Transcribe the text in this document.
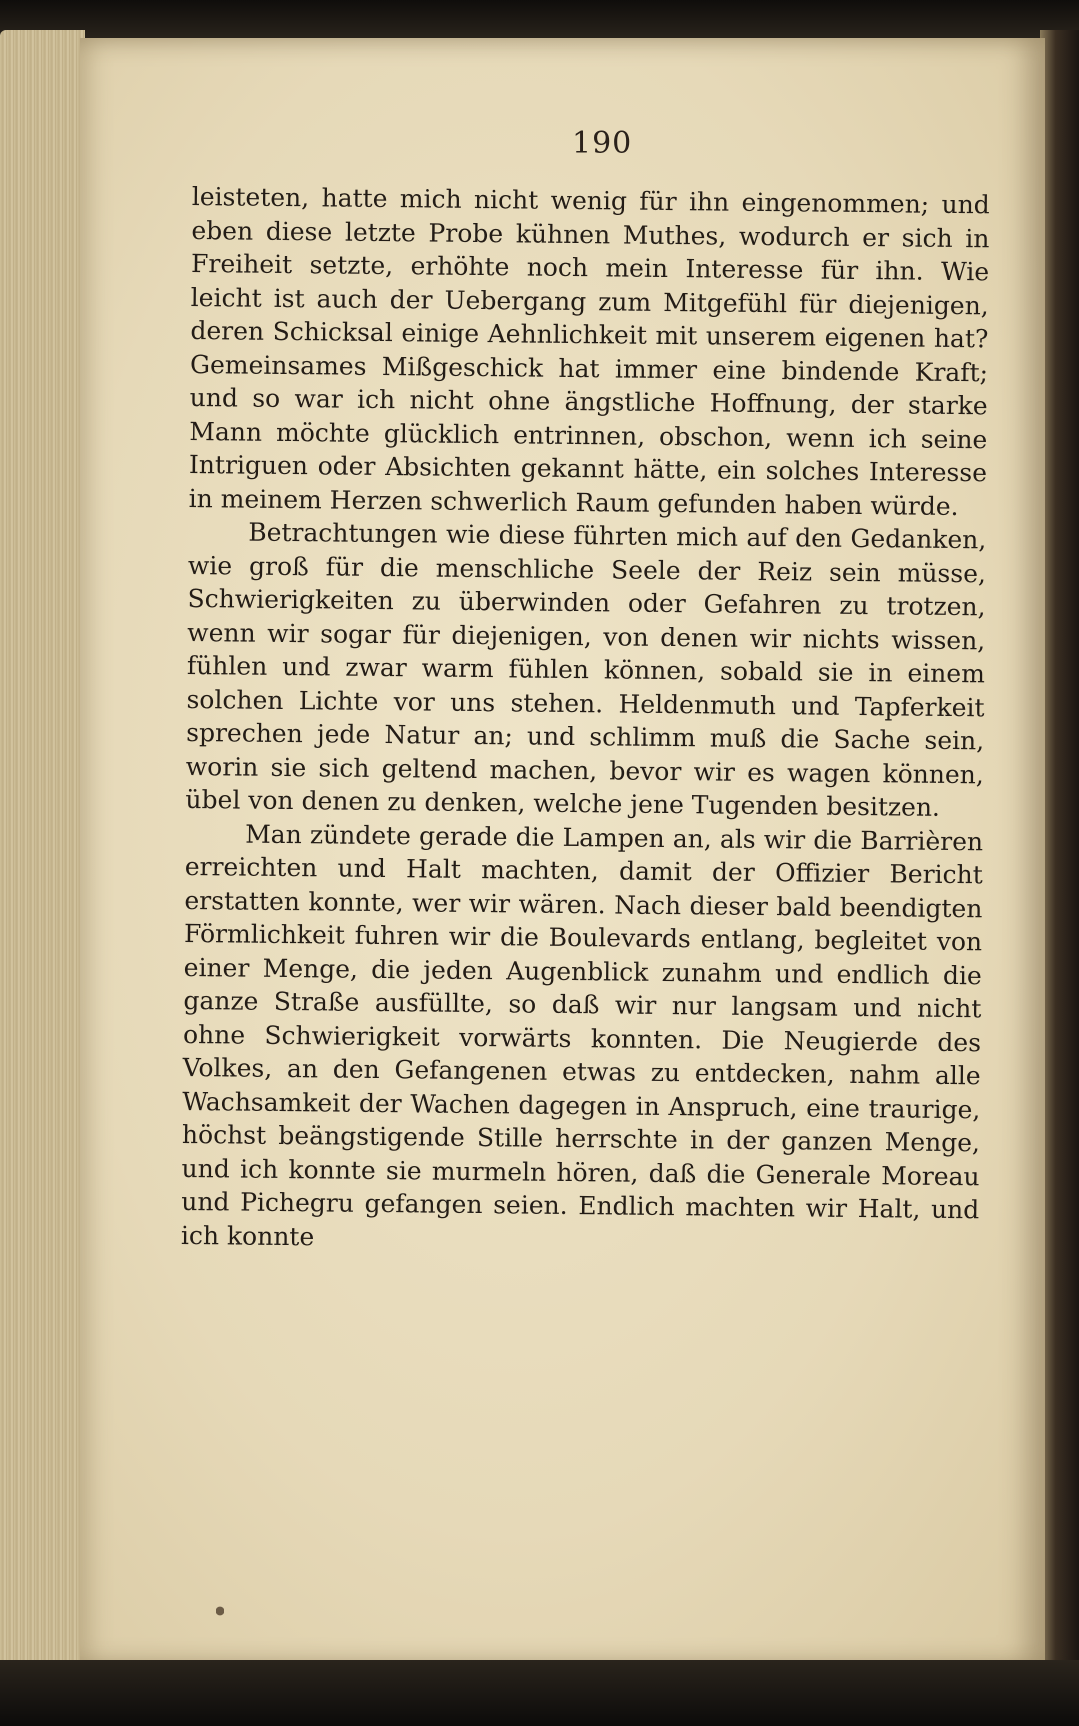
190

leisteten, hatte mich nicht wenig für ihn eingenommen; und eben diese letzte Probe kühnen Muthes, wodurch er sich in Freiheit setzte, erhöhte noch mein Interesse für ihn. Wie leicht ist auch der Uebergang zum Mitgefühl für diejenigen, deren Schicksal einige Aehnlichkeit mit unserem eigenen hat? Gemeinsames Mißgeschick hat immer eine bindende Kraft; und so war ich nicht ohne ängstliche Hoffnung, der starke Mann möchte glücklich entrinnen, obschon, wenn ich seine Intriguen oder Absichten gekannt hätte, ein solches Interesse in meinem Herzen schwerlich Raum gefunden haben würde.

Betrachtungen wie diese führten mich auf den Gedanken, wie groß für die menschliche Seele der Reiz sein müsse, Schwierigkeiten zu überwinden oder Gefahren zu trotzen, wenn wir sogar für diejenigen, von denen wir nichts wissen, fühlen und zwar warm fühlen können, sobald sie in einem solchen Lichte vor uns stehen. Heldenmuth und Tapferkeit sprechen jede Natur an; und schlimm muß die Sache sein, worin sie sich geltend machen, bevor wir es wagen können, übel von denen zu denken, welche jene Tugenden besitzen.

Man zündete gerade die Lampen an, als wir die Barrièren erreichten und Halt machten, damit der Offizier Bericht erstatten konnte, wer wir wären. Nach dieser bald beendigten Förmlichkeit fuhren wir die Boulevards entlang, begleitet von einer Menge, die jeden Augenblick zunahm und endlich die ganze Straße ausfüllte, so daß wir nur langsam und nicht ohne Schwierigkeit vorwärts konnten. Die Neugierde des Volkes, an den Gefangenen etwas zu entdecken, nahm alle Wachsamkeit der Wachen dagegen in Anspruch, eine traurige, höchst beängstigende Stille herrschte in der ganzen Menge, und ich konnte sie murmeln hören, daß die Generale Moreau und Pichegru gefangen seien. Endlich machten wir Halt, und ich konnte
